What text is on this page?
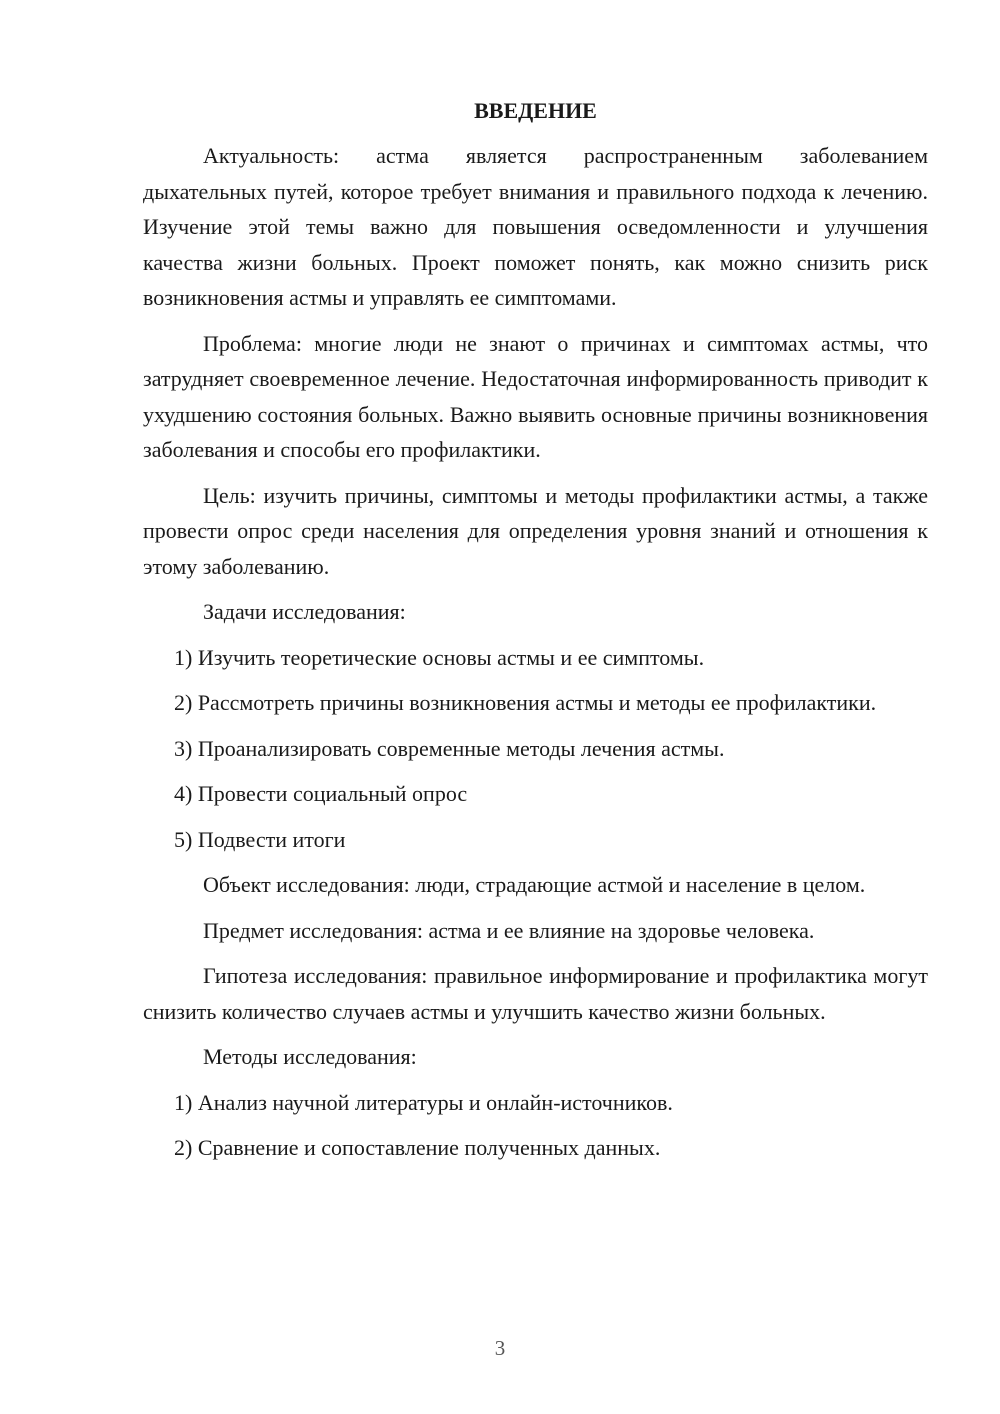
ВВЕДЕНИЕ

Актуальность: астма является распространенным заболеванием дыхательных путей, которое требует внимания и правильного подхода к лечению. Изучение этой темы важно для повышения осведомленности и улучшения качества жизни больных. Проект поможет понять, как можно снизить риск возникновения астмы и управлять ее симптомами.

Проблема: многие люди не знают о причинах и симптомах астмы, что затрудняет своевременное лечение. Недостаточная информированность приводит к ухудшению состояния больных. Важно выявить основные причины возникновения заболевания и способы его профилактики.

Цель: изучить причины, симптомы и методы профилактики астмы, а также провести опрос среди населения для определения уровня знаний и отношения к этому заболеванию.

Задачи исследования:

1) Изучить теоретические основы астмы и ее симптомы.

2) Рассмотреть причины возникновения астмы и методы ее профилактики.

3) Проанализировать современные методы лечения астмы.

4) Провести социальный опрос

5) Подвести итоги

Объект исследования: люди, страдающие астмой и население в целом.

Предмет исследования: астма и ее влияние на здоровье человека.

Гипотеза исследования: правильное информирование и профилактика могут снизить количество случаев астмы и улучшить качество жизни больных.

Методы исследования:

1) Анализ научной литературы и онлайн-источников.

2) Сравнение и сопоставление полученных данных.

3
